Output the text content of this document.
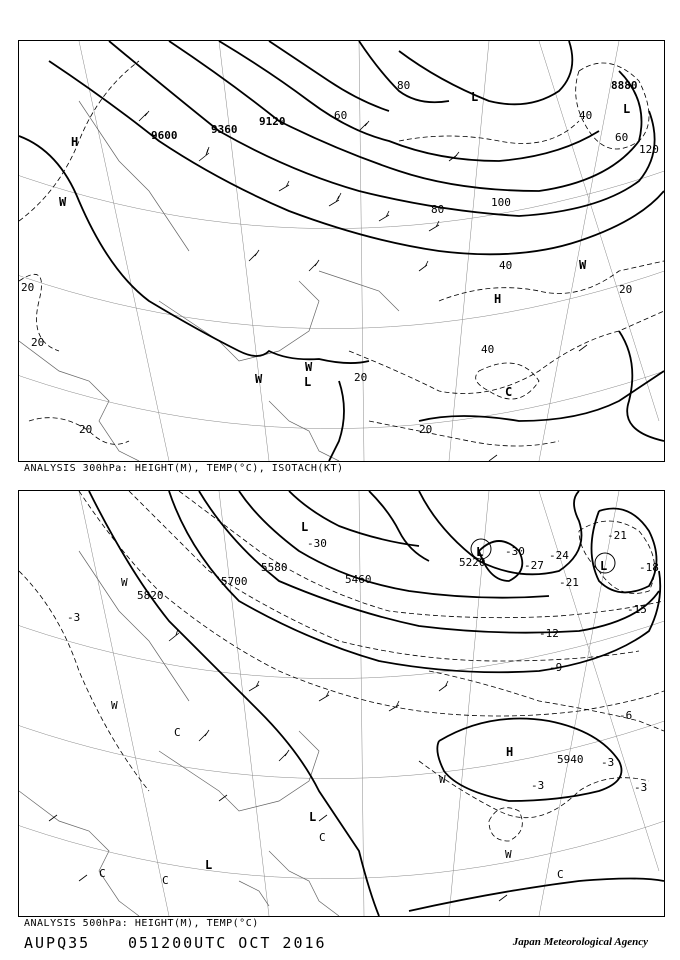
9600	9360
9120
8880
20
20
20
20
20
20
40
40
40
60
60
80
80
100
120
H
H
L
L
L
W
W
W
W
C
ANALYSIS 300hPa: HEIGHT(M), TEMP(°C), ISOTACH(KT)
5820
5700
5580
5460
5220
5940 -3
-3	-3
-3
-6
-9
-12
-15
-18
-21
-21
-24
-27
-30
-30
H
L
L
L
L
L
W
W
W
W
C
C
C
C
C
ANALYSIS 500hPa: HEIGHT(M), TEMP(°C)
AUPQ35	051200UTC OCT 2016	Japan Meteorological Agency
